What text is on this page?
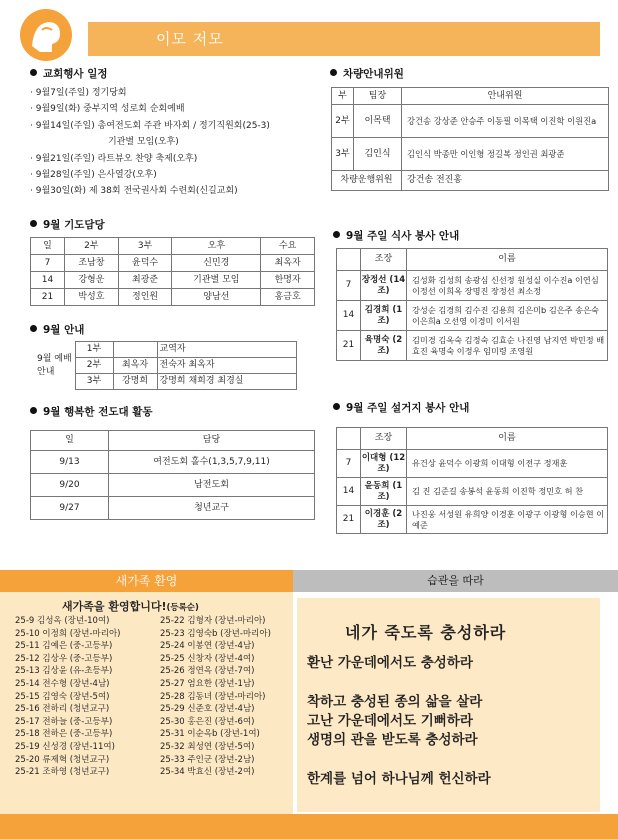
이모 저모
교회행사 일정
· 9월7일(주일) 정기당회
· 9월9일(화) 중부지역 성로회 순회예배
· 9월14일(주일) 총여전도회 주관 바자회 / 정기직원회(25-3)
기관별 모임(오후)
· 9월21일(주일) 라트뷰오 찬양 축제(오후)
· 9월28일(주일) 은사열강(오후)
· 9월30일(화) 제 38회 전국권사회 수련회(신길교회)
9월 기도담당
일	2부	3부	오후	수요
7	조남창	윤덕수	신민경	최옥자
14	강형운	최광준	기관별 모임	한명자
21	박성호	정인원	양남선	홍금호
9월 안내
9월 예배 안내	1부		교역자
	2부	최옥자	전숙자 최옥자
	3부	강명희	강명희 채희경 최경실
9월 행복한 전도대 활동
일	담당
9/13	여전도회 홀수(1,3,5,7,9,11)
9/20	남전도회
9/27	청년교구
차량안내위원
부	팀장	안내위원
2부	이목택	강건송 강상준 안승주 이동필 이목택 이진학 이원진a
3부	김인식	김인식 박종만 이인형 정길복 정인권 최광준
차량운행위원		강건송 전진홍
9월 주일 식사 봉사 안내
	조장	이름
7	장정선 (14조)	김성화 김성희 송광심 신선정 원성실 이수진a 이연심 이정선 이희옥 장명진 장정선 최소정
14	김경희 (1조)	강성순 김경희 김수진 김용희 김은미b 김은주 송은숙 이은희a 오선영 이경미 이서원
21	육명숙 (2조)	김미경 김옥숙 김정숙 김효순 나진영 남지연 박민정 배효진 육명숙 이정우 임미령 조영원
9월 주일 설거지 봉사 안내
	조장	이름
7	이대형 (12조)	유건상 윤덕수 이광희 이대형 이전구 정재훈
14	윤동희 (1조)	김 진 김준길 송봉석 윤동희 이진학 정민호 허 찬
21	이경훈 (2조)	나진웅 서성원 유희양 이경훈 이광구 이광형 이승현 이예준
새가족 환영	습관을 따라
새가족을 환영합니다!(등록순)
25-9 김성옥 (장년-10여)
25-10 이정희 (장년-마리아)
25-11 김예은 (중-고등부)
25-12 김상우 (중-고등부)
25-13 김상윤 (유-초등부)
25-14 전수형 (장년-4남)
25-15 김영숙 (장년-5여)
25-16 전하리 (청년교구)
25-17 전하늘 (중-고등부)
25-18 전하은 (중-고등부)
25-19 신성경 (장년-11여)
25-20 류제혁 (청년교구)
25-21 조하영 (청년교구)
25-22 김형자 (장년-마리아)
25-23 김영숙b (장년-마리아)
25-24 이봉연 (장년-4남)
25-25 신창자 (장년-4여)
25-26 정연옥 (장년-7여)
25-27 엄요한 (장년-1남)
25-28 김동녀 (장년-마리아)
25-29 신준호 (장년-4남)
25-30 홍은진 (장년-6여)
25-31 이순옥b (장년-1여)
25-32 최성연 (장년-5여)
25-33 주인군 (장년-2남)
25-34 박효신 (장년-2여)
네가 죽도록 충성하라
환난 가운데에서도 충성하라
착하고 충성된 종의 삶을 살라
고난 가운데에서도 기뻐하라
생명의 관을 받도록 충성하라
한계를 넘어 하나님께 헌신하라
